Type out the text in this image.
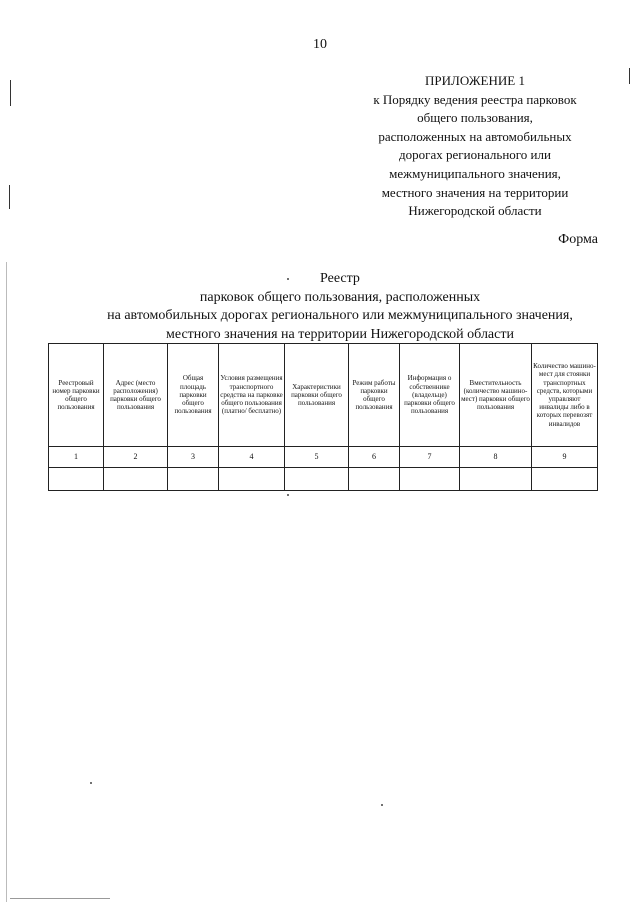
10
ПРИЛОЖЕНИЕ 1
к Порядку ведения реестра парковок
общего пользования,
расположенных на автомобильных
дорогах регионального или
межмуниципального значения,
местного значения на территории
Нижегородской области
Форма
Реестр
парковок общего пользования, расположенных
на автомобильных дорогах регионального или межмуниципального значения,
местного значения на территории Нижегородской области
Реестровый номер парковки общего пользования	Адрес (место расположения) парковки общего пользования	Общая площадь парковки общего пользования	Условия размещения транспортного средства на парковке общего пользования (платно/ бесплатно)	Характеристики парковки общего пользования	Режим работы парковки общего пользования	Информация о собственнике (владельце) парковки общего пользования	Вместительность (количество машино-мест) парковки общего пользования	Количество машино-мест для стоянки транспортных средств, которыми управляют инвалиды либо в которых перевозят инвалидов
1	2	3	4	5	6	7	8	9
